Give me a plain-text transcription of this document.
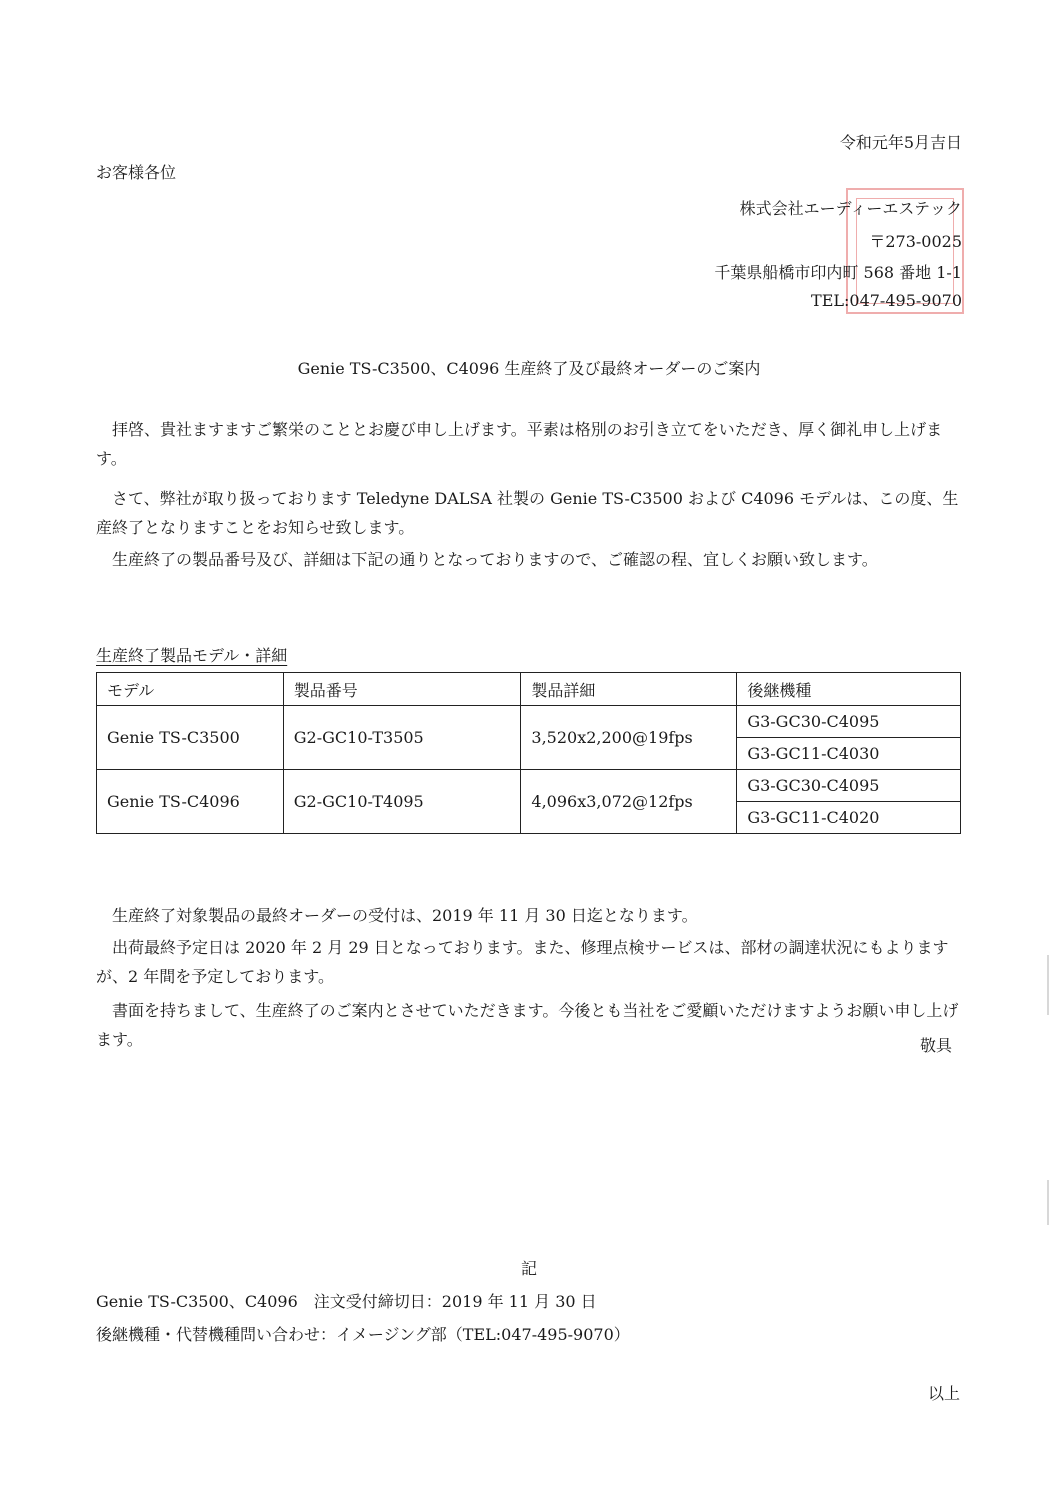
令和元年5月吉日
お客様各位
株式会社エーディーエステック
〒273-0025
千葉県船橋市印内町 568 番地 1-1
TEL:047-495-9070
Genie TS-C3500、C4096 生産終了及び最終オーダーのご案内
拝啓、貴社ますますご繁栄のこととお慶び申し上げます。平素は格別のお引き立てをいただき、厚く御礼申し上げます。
さて、弊社が取り扱っております Teledyne DALSA 社製の Genie TS-C3500 および C4096 モデルは、この度、生産終了となりますことをお知らせ致します。
生産終了の製品番号及び、詳細は下記の通りとなっておりますので、ご確認の程、宜しくお願い致します。
生産終了製品モデル・詳細
モデル	製品番号	製品詳細	後継機種
Genie TS-C3500	G2-GC10-T3505	3,520x2,200@19fps	G3-GC30-C4095
			G3-GC11-C4030
Genie TS-C4096	G2-GC10-T4095	4,096x3,072@12fps	G3-GC30-C4095
			G3-GC11-C4020
生産終了対象製品の最終オーダーの受付は、2019 年 11 月 30 日迄となります。
出荷最終予定日は 2020 年 2 月 29 日となっております。また、修理点検サービスは、部材の調達状況にもよりますが、2 年間を予定しております。
書面を持ちまして、生産終了のご案内とさせていただきます。今後とも当社をご愛顧いただけますようお願い申し上げます。	敬具
記
Genie TS-C3500、C4096　注文受付締切日：2019 年 11 月 30 日
後継機種・代替機種問い合わせ：イメージング部（TEL:047-495-9070）
以上
